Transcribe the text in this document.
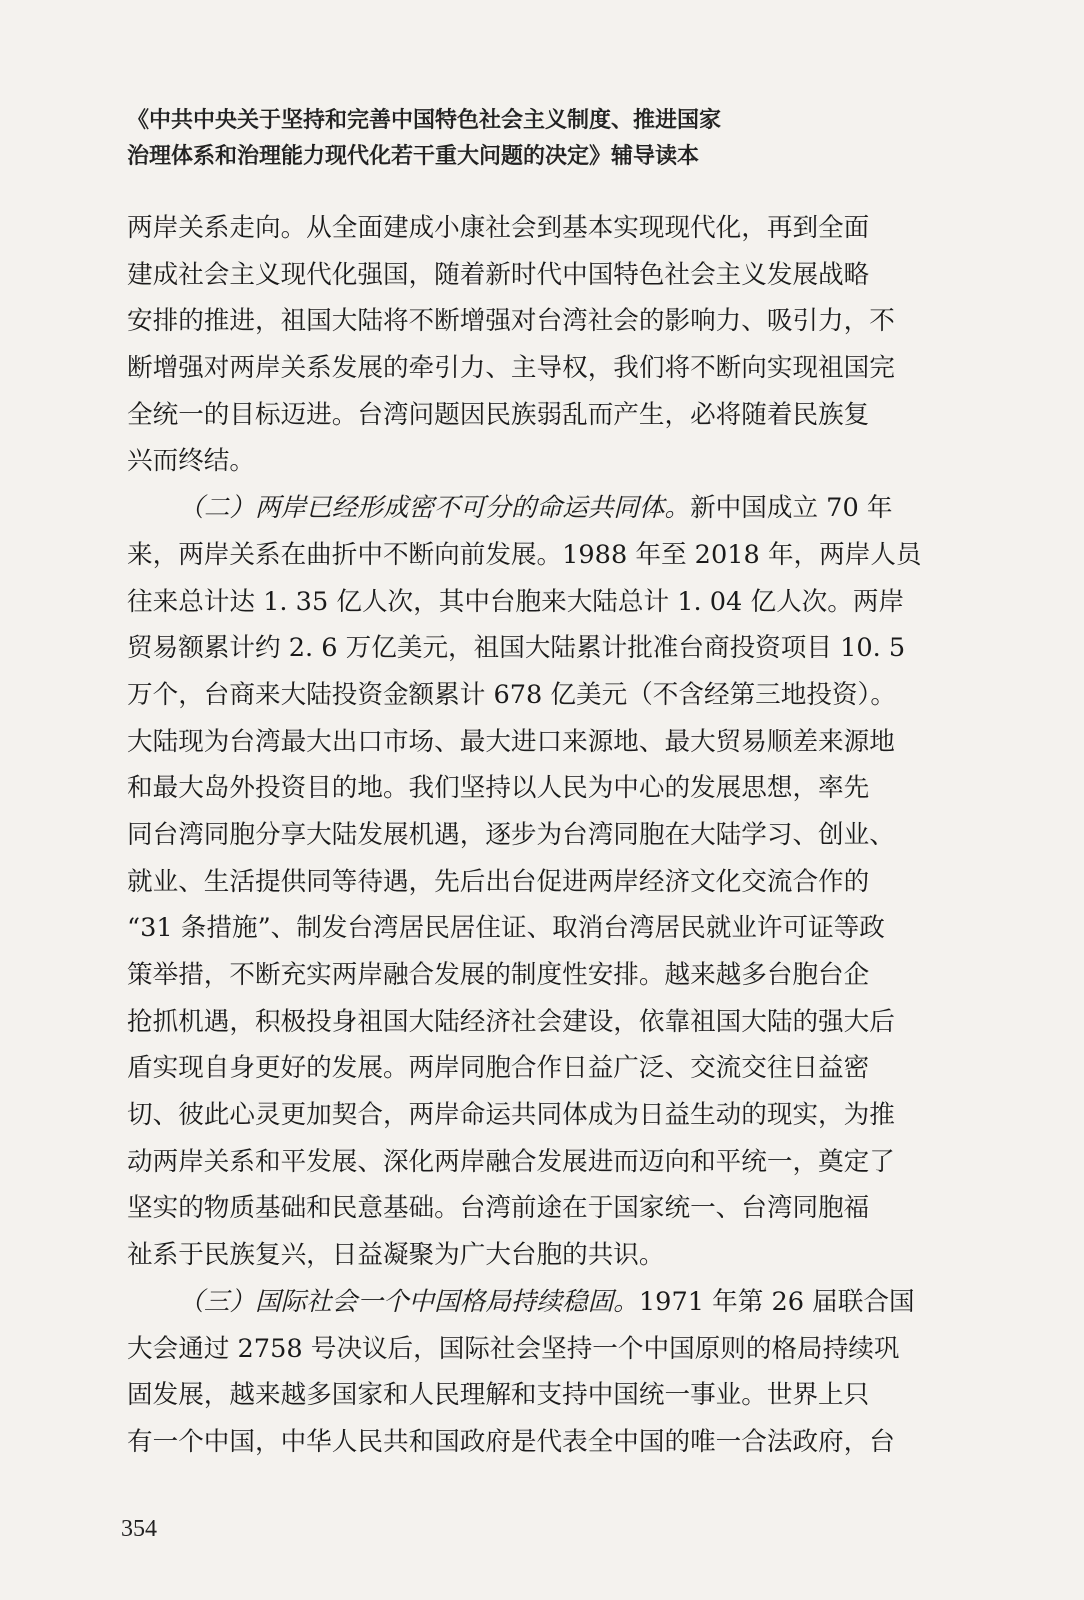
《中共中央关于坚持和完善中国特色社会主义制度、推进国家
治理体系和治理能力现代化若干重大问题的决定》辅导读本
两岸关系走向。从全面建成小康社会到基本实现现代化，再到全面
建成社会主义现代化强国，随着新时代中国特色社会主义发展战略
安排的推进，祖国大陆将不断增强对台湾社会的影响力、吸引力，不
断增强对两岸关系发展的牵引力、主导权，我们将不断向实现祖国完
全统一的目标迈进。台湾问题因民族弱乱而产生，必将随着民族复
兴而终结。
（二）两岸已经形成密不可分的命运共同体。新中国成立 70 年
来，两岸关系在曲折中不断向前发展。1988 年至 2018 年，两岸人员
往来总计达 1. 35 亿人次，其中台胞来大陆总计 1. 04 亿人次。两岸
贸易额累计约 2. 6 万亿美元，祖国大陆累计批准台商投资项目 10. 5
万个，台商来大陆投资金额累计 678 亿美元（不含经第三地投资）。
大陆现为台湾最大出口市场、最大进口来源地、最大贸易顺差来源地
和最大岛外投资目的地。我们坚持以人民为中心的发展思想，率先
同台湾同胞分享大陆发展机遇，逐步为台湾同胞在大陆学习、创业、
就业、生活提供同等待遇，先后出台促进两岸经济文化交流合作的
“31 条措施”、制发台湾居民居住证、取消台湾居民就业许可证等政
策举措，不断充实两岸融合发展的制度性安排。越来越多台胞台企
抢抓机遇，积极投身祖国大陆经济社会建设，依靠祖国大陆的强大后
盾实现自身更好的发展。两岸同胞合作日益广泛、交流交往日益密
切、彼此心灵更加契合，两岸命运共同体成为日益生动的现实，为推
动两岸关系和平发展、深化两岸融合发展进而迈向和平统一，奠定了
坚实的物质基础和民意基础。台湾前途在于国家统一、台湾同胞福
祉系于民族复兴，日益凝聚为广大台胞的共识。
（三）国际社会一个中国格局持续稳固。1971 年第 26 届联合国
大会通过 2758 号决议后，国际社会坚持一个中国原则的格局持续巩
固发展，越来越多国家和人民理解和支持中国统一事业。世界上只
有一个中国，中华人民共和国政府是代表全中国的唯一合法政府，台
354
